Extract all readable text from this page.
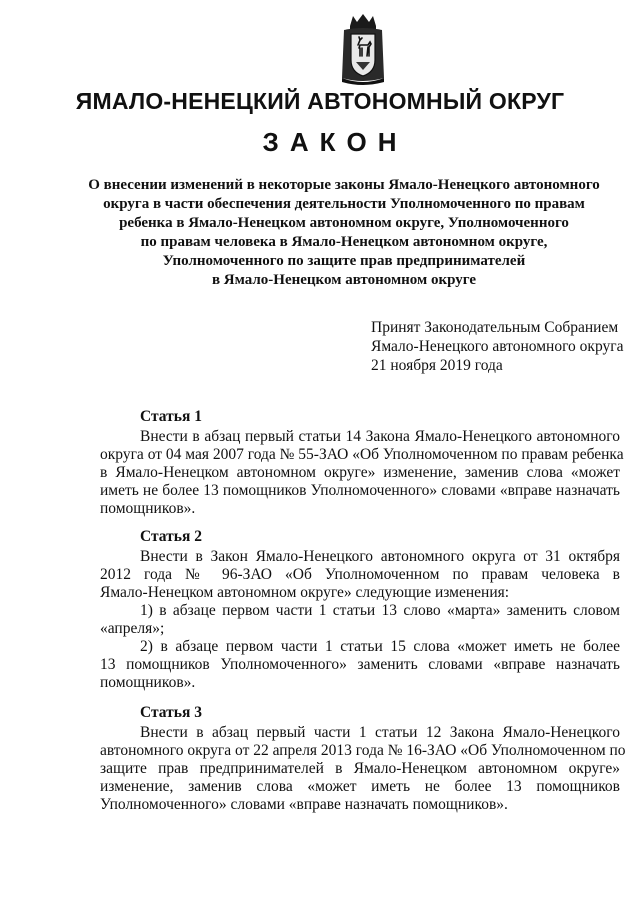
ЯМАЛО-НЕНЕЦКИЙ АВТОНОМНЫЙ ОКРУГ
ЗАКОН
О внесении изменений в некоторые законы Ямало-Ненецкого автономного
округа в части обеспечения деятельности Уполномоченного по правам
ребенка в Ямало-Ненецком автономном округе, Уполномоченного
по правам человека в Ямало-Ненецком автономном округе,
Уполномоченного по защите прав предпринимателей
в Ямало-Ненецком автономном округе
Принят Законодательным Собранием
Ямало-Ненецкого автономного округа
21 ноября 2019 года
Статья 1
Внести в абзац первый статьи 14 Закона Ямало-Ненецкого автономного
округа от 04 мая 2007 года № 55-ЗАО «Об Уполномоченном по правам ребенка
в Ямало-Ненецком автономном округе» изменение, заменив слова «может
иметь не более 13 помощников Уполномоченного» словами «вправе назначать
помощников».
Статья 2
Внести в Закон Ямало-Ненецкого автономного округа от 31 октября
2012 года № 96-ЗАО «Об Уполномоченном по правам человека в
Ямало-Ненецком автономном округе» следующие изменения:
1) в абзаце первом части 1 статьи 13 слово «марта» заменить словом
«апреля»;
2) в абзаце первом части 1 статьи 15 слова «может иметь не более
13 помощников Уполномоченного» заменить словами «вправе назначать
помощников».
Статья 3
Внести в абзац первый части 1 статьи 12 Закона Ямало-Ненецкого
автономного округа от 22 апреля 2013 года № 16-ЗАО «Об Уполномоченном по
защите прав предпринимателей в Ямало-Ненецком автономном округе»
изменение, заменив слова «может иметь не более 13 помощников
Уполномоченного» словами «вправе назначать помощников».
